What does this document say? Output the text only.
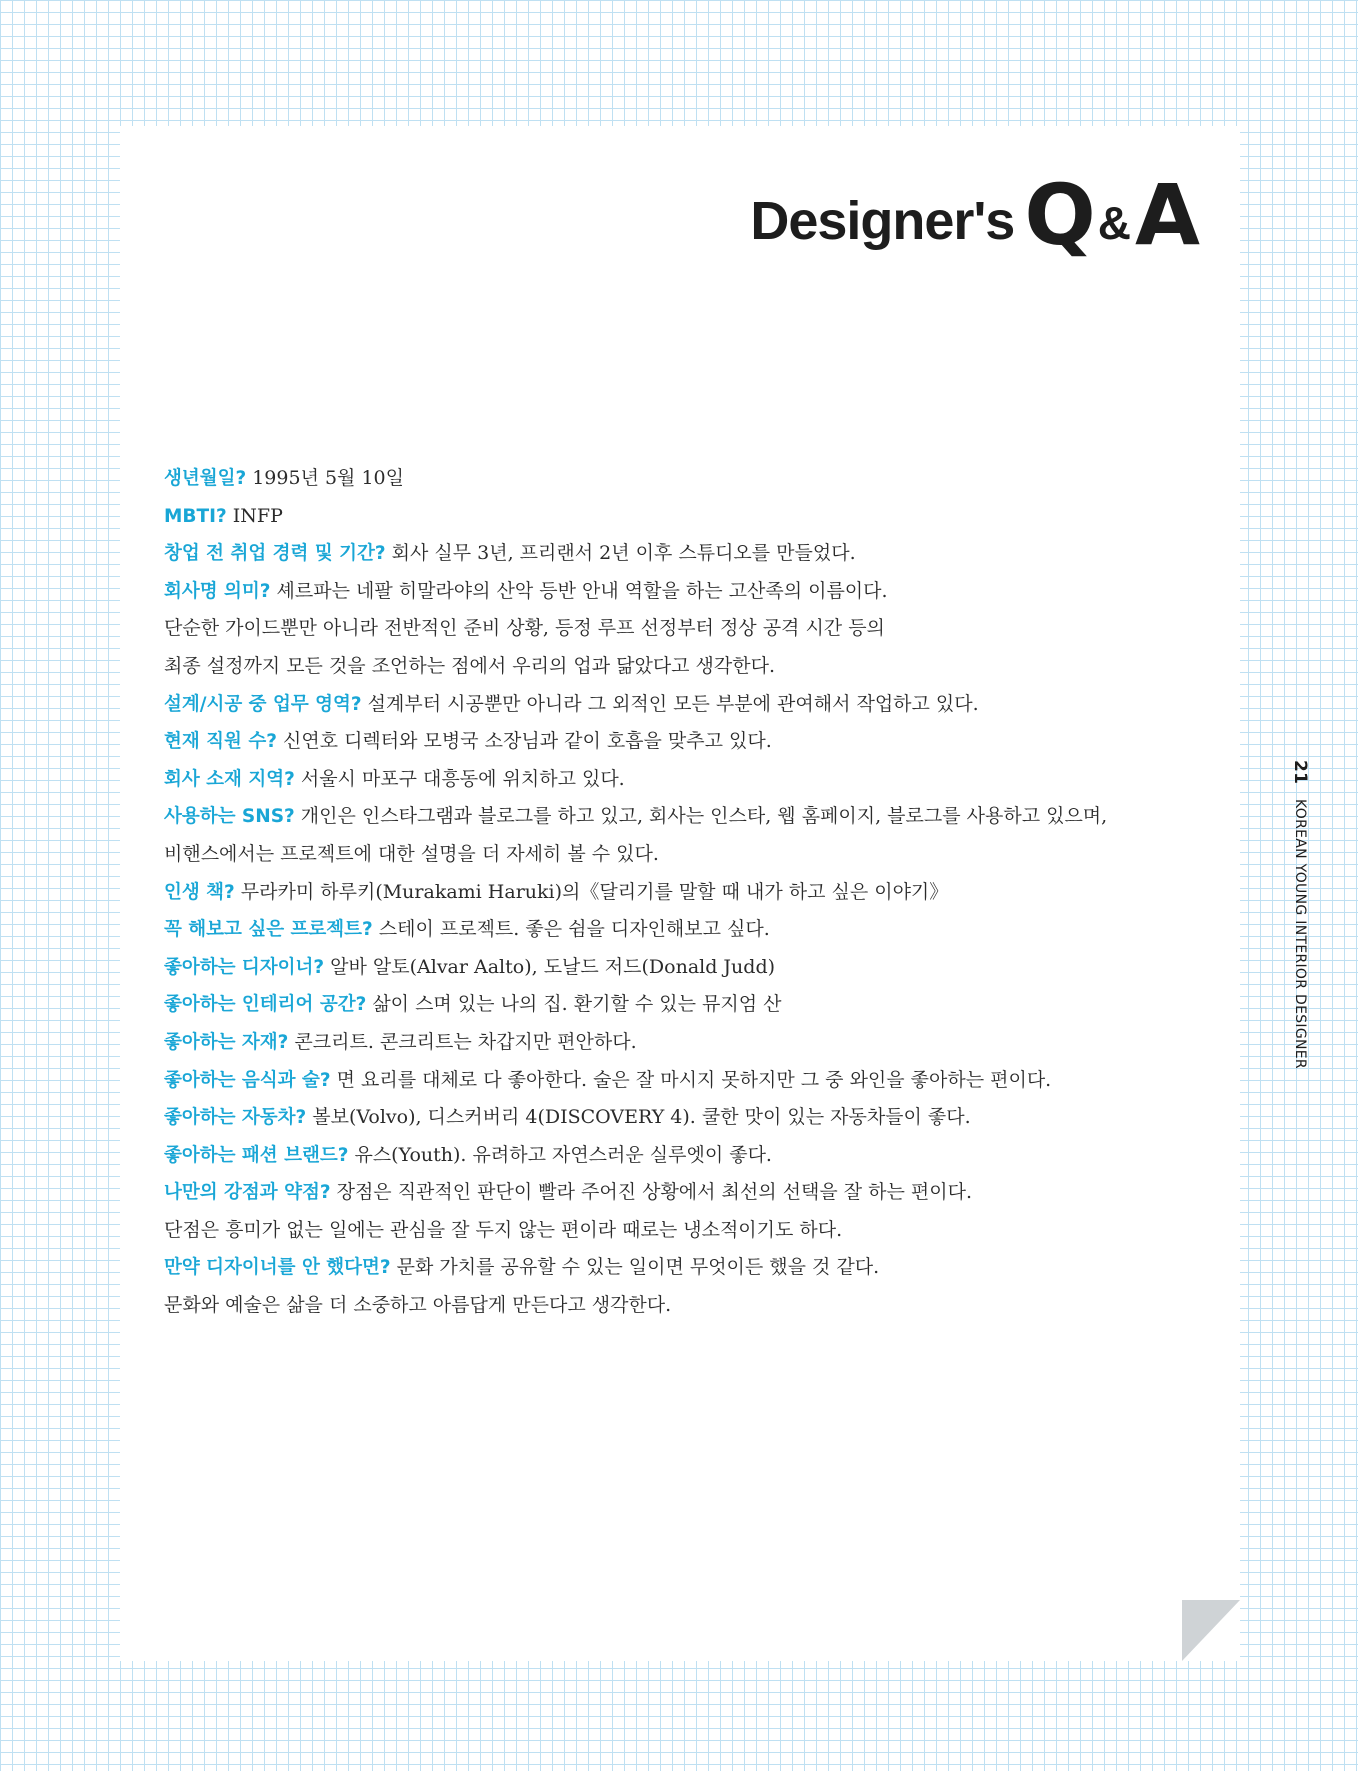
Designer's Q & A
생년월일? 1995년 5월 10일
MBTI? INFP
창업 전 취업 경력 및 기간? 회사 실무 3년, 프리랜서 2년 이후 스튜디오를 만들었다.
회사명 의미? 셰르파는 네팔 히말라야의 산악 등반 안내 역할을 하는 고산족의 이름이다.
단순한 가이드뿐만 아니라 전반적인 준비 상황, 등정 루프 선정부터 정상 공격 시간 등의
최종 설정까지 모든 것을 조언하는 점에서 우리의 업과 닮았다고 생각한다.
설계/시공 중 업무 영역? 설계부터 시공뿐만 아니라 그 외적인 모든 부분에 관여해서 작업하고 있다.
현재 직원 수? 신연호 디렉터와 모병국 소장님과 같이 호흡을 맞추고 있다.
회사 소재 지역? 서울시 마포구 대흥동에 위치하고 있다.
사용하는 SNS? 개인은 인스타그램과 블로그를 하고 있고, 회사는 인스타, 웹 홈페이지, 블로그를 사용하고 있으며,
비핸스에서는 프로젝트에 대한 설명을 더 자세히 볼 수 있다.
인생 책? 무라카미 하루키(Murakami Haruki)의《달리기를 말할 때 내가 하고 싶은 이야기》
꼭 해보고 싶은 프로젝트? 스테이 프로젝트. 좋은 쉼을 디자인해보고 싶다.
좋아하는 디자이너? 알바 알토(Alvar Aalto), 도날드 저드(Donald Judd)
좋아하는 인테리어 공간? 삶이 스며 있는 나의 집. 환기할 수 있는 뮤지엄 산
좋아하는 자재? 콘크리트. 콘크리트는 차갑지만 편안하다.
좋아하는 음식과 술? 면 요리를 대체로 다 좋아한다. 술은 잘 마시지 못하지만 그 중 와인을 좋아하는 편이다.
좋아하는 자동차? 볼보(Volvo), 디스커버리 4(DISCOVERY 4). 쿨한 맛이 있는 자동차들이 좋다.
좋아하는 패션 브랜드? 유스(Youth). 유려하고 자연스러운 실루엣이 좋다.
나만의 강점과 약점? 장점은 직관적인 판단이 빨라 주어진 상황에서 최선의 선택을 잘 하는 편이다.
단점은 흥미가 없는 일에는 관심을 잘 두지 않는 편이라 때로는 냉소적이기도 하다.
만약 디자이너를 안 했다면? 문화 가치를 공유할 수 있는 일이면 무엇이든 했을 것 같다.
문화와 예술은 삶을 더 소중하고 아름답게 만든다고 생각한다.
21 KOREAN YOUNG INTERIOR DESIGNER
